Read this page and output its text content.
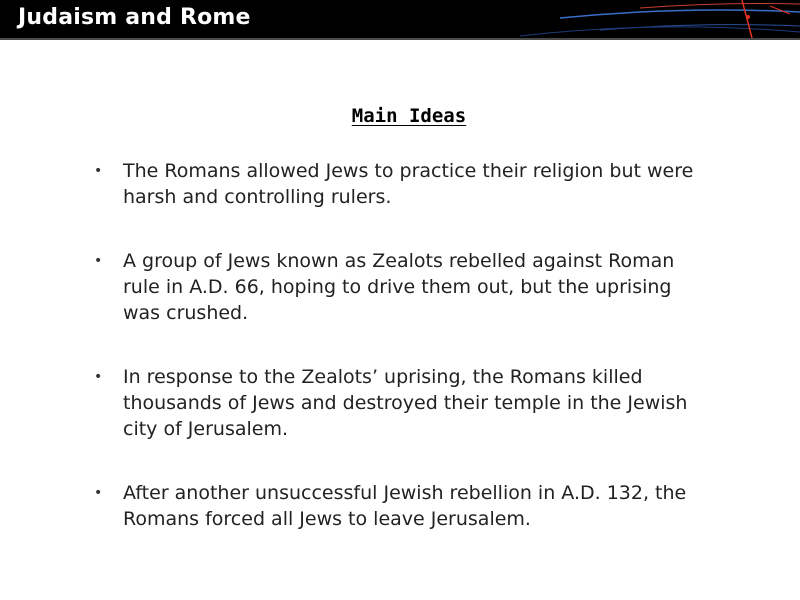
Judaism and Rome
Main Ideas
• The Romans allowed Jews to practice their religion but were harsh and controlling rulers.
• A group of Jews known as Zealots rebelled against Roman rule in A.D. 66, hoping to drive them out, but the uprising was crushed.
• In response to the Zealots’ uprising, the Romans killed thousands of Jews and destroyed their temple in the Jewish city of Jerusalem.
• After another unsuccessful Jewish rebellion in A.D. 132, the Romans forced all Jews to leave Jerusalem.
